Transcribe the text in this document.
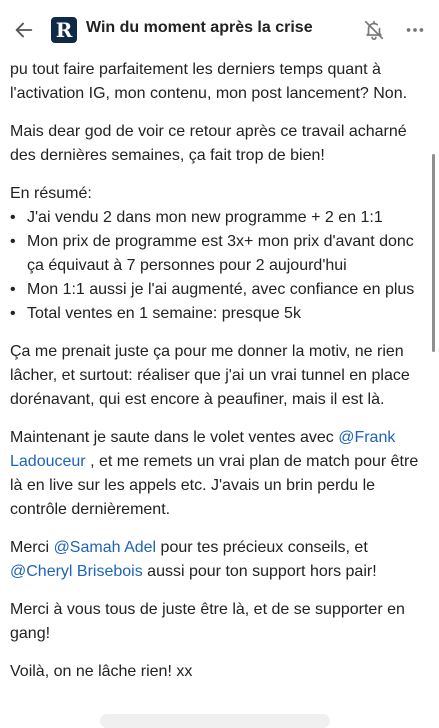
R Win du moment après la crise

pu tout faire parfaitement les derniers temps quant à l'activation IG, mon contenu, mon post lancement? Non.

Mais dear god de voir ce retour après ce travail acharné des dernières semaines, ça fait trop de bien!

En résumé:
• J'ai vendu 2 dans mon new programme + 2 en 1:1
• Mon prix de programme est 3x+ mon prix d'avant donc ça équivaut à 7 personnes pour 2 aujourd'hui
• Mon 1:1 aussi je l'ai augmenté, avec confiance en plus
• Total ventes en 1 semaine: presque 5k

Ça me prenait juste ça pour me donner la motiv, ne rien lâcher, et surtout: réaliser que j'ai un vrai tunnel en place dorénavant, qui est encore à peaufiner, mais il est là.

Maintenant je saute dans le volet ventes avec @Frank Ladouceur , et me remets un vrai plan de match pour être là en live sur les appels etc. J'avais un brin perdu le contrôle dernièrement.

Merci @Samah Adel pour tes précieux conseils, et @Cheryl Brisebois aussi pour ton support hors pair!

Merci à vous tous de juste être là, et de se supporter en gang!

Voilà, on ne lâche rien! xx
